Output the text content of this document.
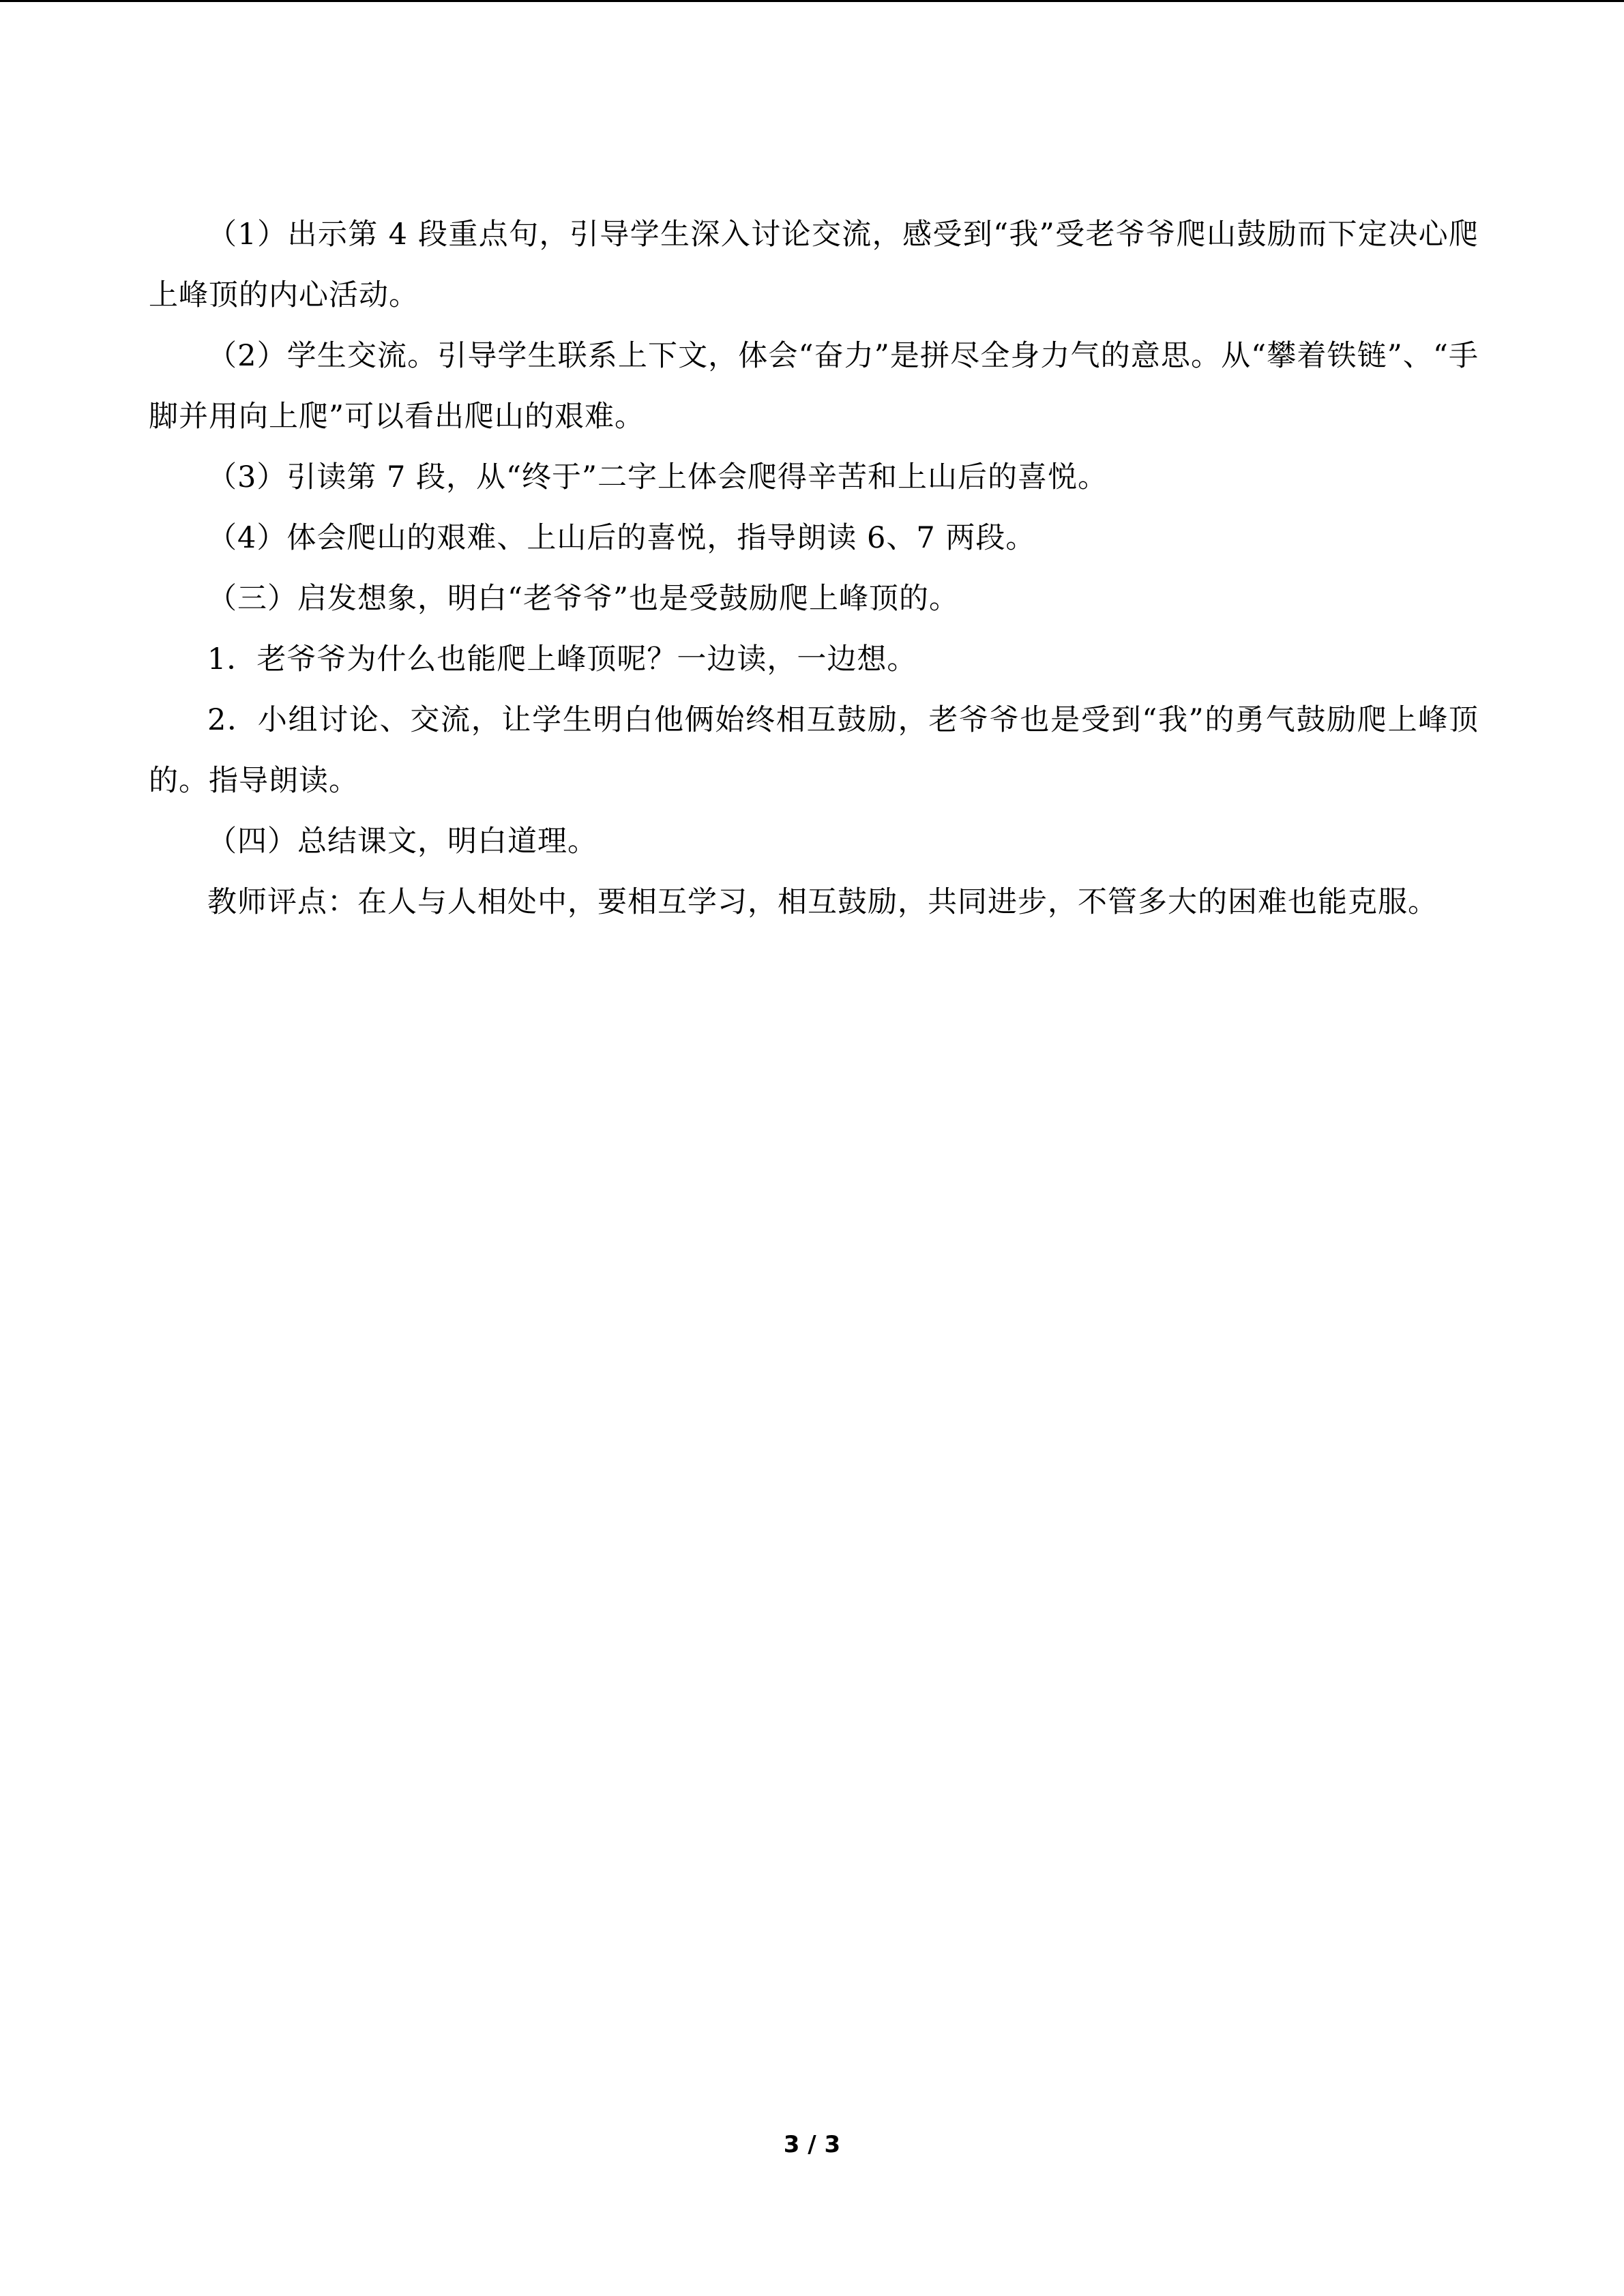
（1）出示第 4 段重点句，引导学生深入讨论交流，感受到“我”受老爷爷爬山鼓励而下定决心爬上峰顶的内心活动。

（2）学生交流。引导学生联系上下文，体会“奋力”是拼尽全身力气的意思。从“攀着铁链”、“手脚并用向上爬”可以看出爬山的艰难。

（3）引读第 7 段，从“终于”二字上体会爬得辛苦和上山后的喜悦。

（4）体会爬山的艰难、上山后的喜悦，指导朗读 6、7 两段。

（三）启发想象，明白“老爷爷”也是受鼓励爬上峰顶的。

1．老爷爷为什么也能爬上峰顶呢？一边读，一边想。

2．小组讨论、交流，让学生明白他俩始终相互鼓励，老爷爷也是受到“我”的勇气鼓励爬上峰顶的。指导朗读。

（四）总结课文，明白道理。

教师评点：在人与人相处中，要相互学习，相互鼓励，共同进步，不管多大的困难也能克服。

3 / 3
